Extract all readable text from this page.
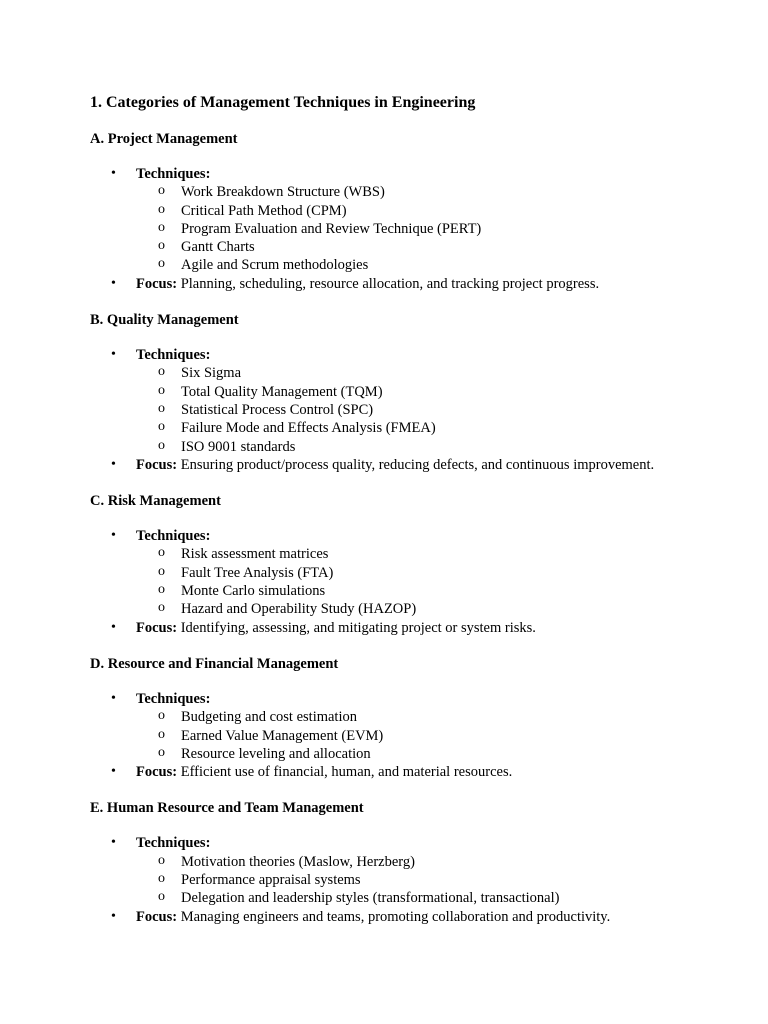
1. Categories of Management Techniques in Engineering
A. Project Management
• Techniques:
o Work Breakdown Structure (WBS)
o Critical Path Method (CPM)
o Program Evaluation and Review Technique (PERT)
o Gantt Charts
o Agile and Scrum methodologies
• Focus: Planning, scheduling, resource allocation, and tracking project progress.
B. Quality Management
• Techniques:
o Six Sigma
o Total Quality Management (TQM)
o Statistical Process Control (SPC)
o Failure Mode and Effects Analysis (FMEA)
o ISO 9001 standards
• Focus: Ensuring product/process quality, reducing defects, and continuous improvement.
C. Risk Management
• Techniques:
o Risk assessment matrices
o Fault Tree Analysis (FTA)
o Monte Carlo simulations
o Hazard and Operability Study (HAZOP)
• Focus: Identifying, assessing, and mitigating project or system risks.
D. Resource and Financial Management
• Techniques:
o Budgeting and cost estimation
o Earned Value Management (EVM)
o Resource leveling and allocation
• Focus: Efficient use of financial, human, and material resources.
E. Human Resource and Team Management
• Techniques:
o Motivation theories (Maslow, Herzberg)
o Performance appraisal systems
o Delegation and leadership styles (transformational, transactional)
• Focus: Managing engineers and teams, promoting collaboration and productivity.
